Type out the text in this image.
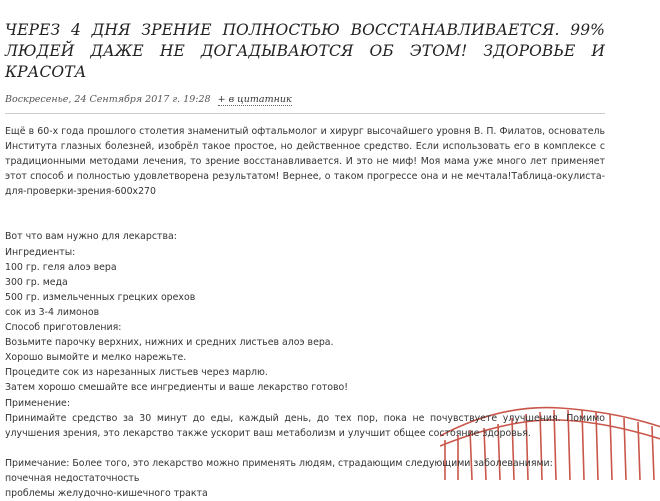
ЧЕРЕЗ 4 ДНЯ ЗРЕНИЕ ПОЛНОСТЬЮ ВОССТАНАВЛИВАЕТСЯ. 99% ЛЮДЕЙ ДАЖЕ НЕ ДОГАДЫВАЮТСЯ ОБ ЭТОМ! ЗДОРОВЬЕ И КРАСОТА
Воскресенье, 24 Сентября 2017 г. 19:28 + в цитатник

Ещё в 60-х года прошлого столетия знаменитый офтальмолог и хирург высочайшего уровня В. П. Филатов, основатель Института глазных болезней, изобрёл такое простое, но действенное средство. Если использовать его в комплексе с традиционными методами лечения, то зрение восстанавливается. И это не миф! Моя мама уже много лет применяет этот способ и полностью удовлетворена результатом! Вернее, о таком прогрессе она и не мечтала!Таблица-окулиста-для-проверки-зрения-600х270

Вот что вам нужно для лекарства:

Ингредиенты:

100 гр. геля алоэ вера

300 гр. меда

500 гр. измельченных грецких орехов

сок из 3-4 лимонов

Способ приготовления:

Возьмите парочку верхних, нижних и средних листьев алоэ вера.

Хорошо вымойте и мелко нарежьте.

Процедите сок из нарезанных листьев через марлю.

Затем хорошо смешайте все ингредиенты и ваше лекарство готово!

Применение:

Принимайте средство за 30 минут до еды, каждый день, до тех пор, пока не почувствуете улучшения. Помимо улучшения зрения, это лекарство также ускорит ваш метаболизм и улучшит общее состояние здоровья.

Примечание: Более того, это лекарство можно применять людям, страдающим следующими заболеваниями:

почечная недостаточность

проблемы желудочно-кишечного тракта
